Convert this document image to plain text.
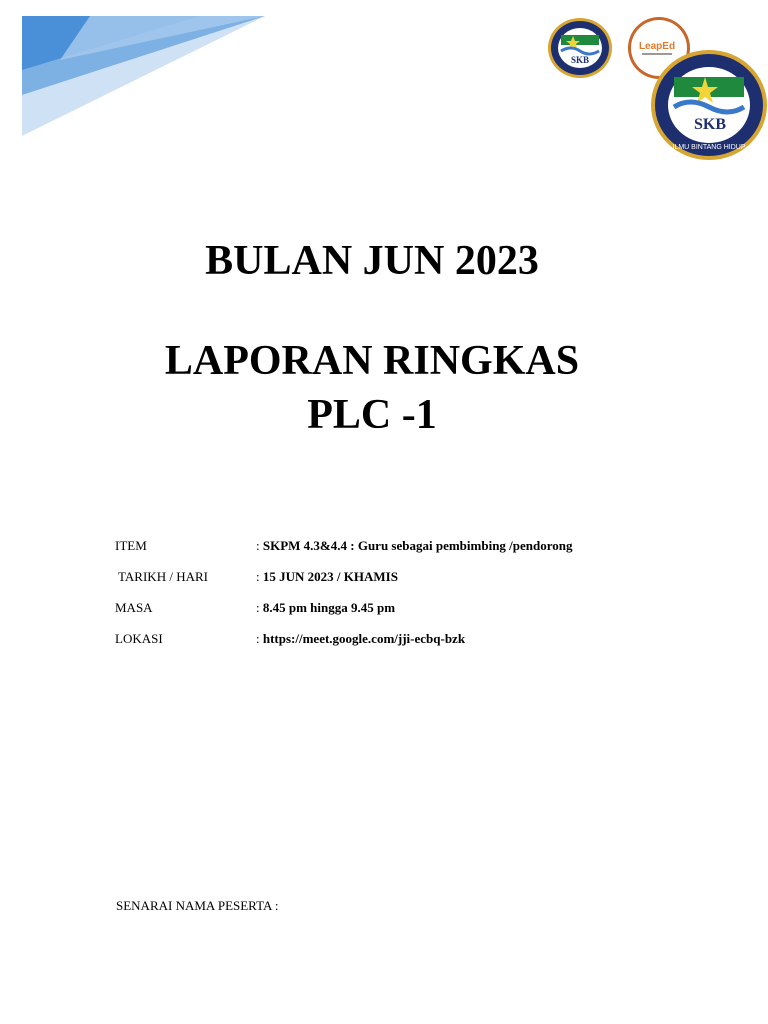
SKB
LeapEd
SKB
ILMU BINTANG HIDUP
BULAN JUN 2023
LAPORAN RINGKAS
PLC -1
ITEM	: SKPM 4.3&4.4 : Guru sebagai pembimbing /pendorong
TARIKH / HARI	: 15 JUN 2023 / KHAMIS
MASA	: 8.45 pm hingga 9.45 pm
LOKASI	: https://meet.google.com/jji-ecbq-bzk
SENARAI NAMA PESERTA :
